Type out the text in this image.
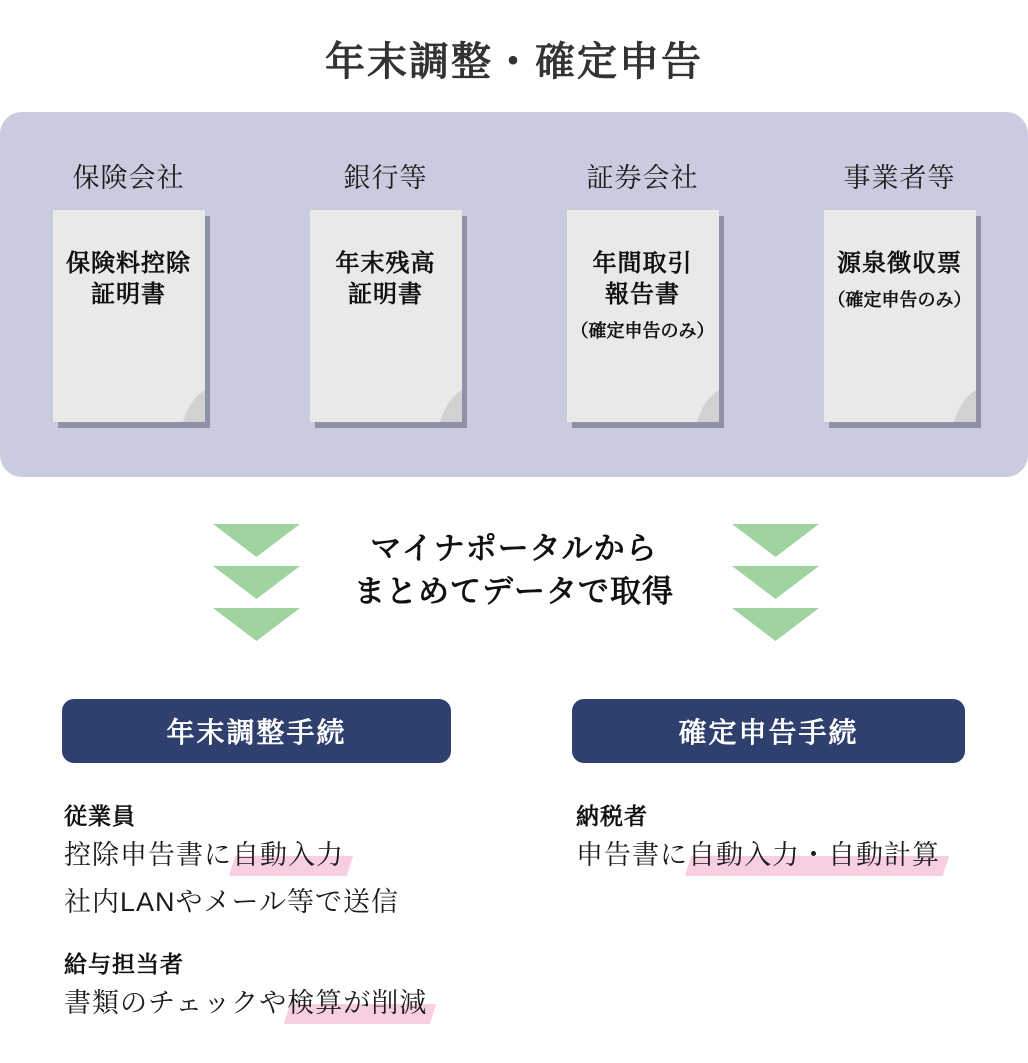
年末調整・確定申告
保険会社
保険料控除
証明書
銀行等
年末残高
証明書
証券会社
年間取引
報告書
（確定申告のみ）
事業者等
源泉徴収票
（確定申告のみ）
マイナポータルから
まとめてデータで取得
年末調整手続	確定申告手続
従業員

控除申告書に自動入力

社内LANやメール等で送信

給与担当者

書類のチェックや検算が削減

納税者

申告書に自動入力・自動計算
